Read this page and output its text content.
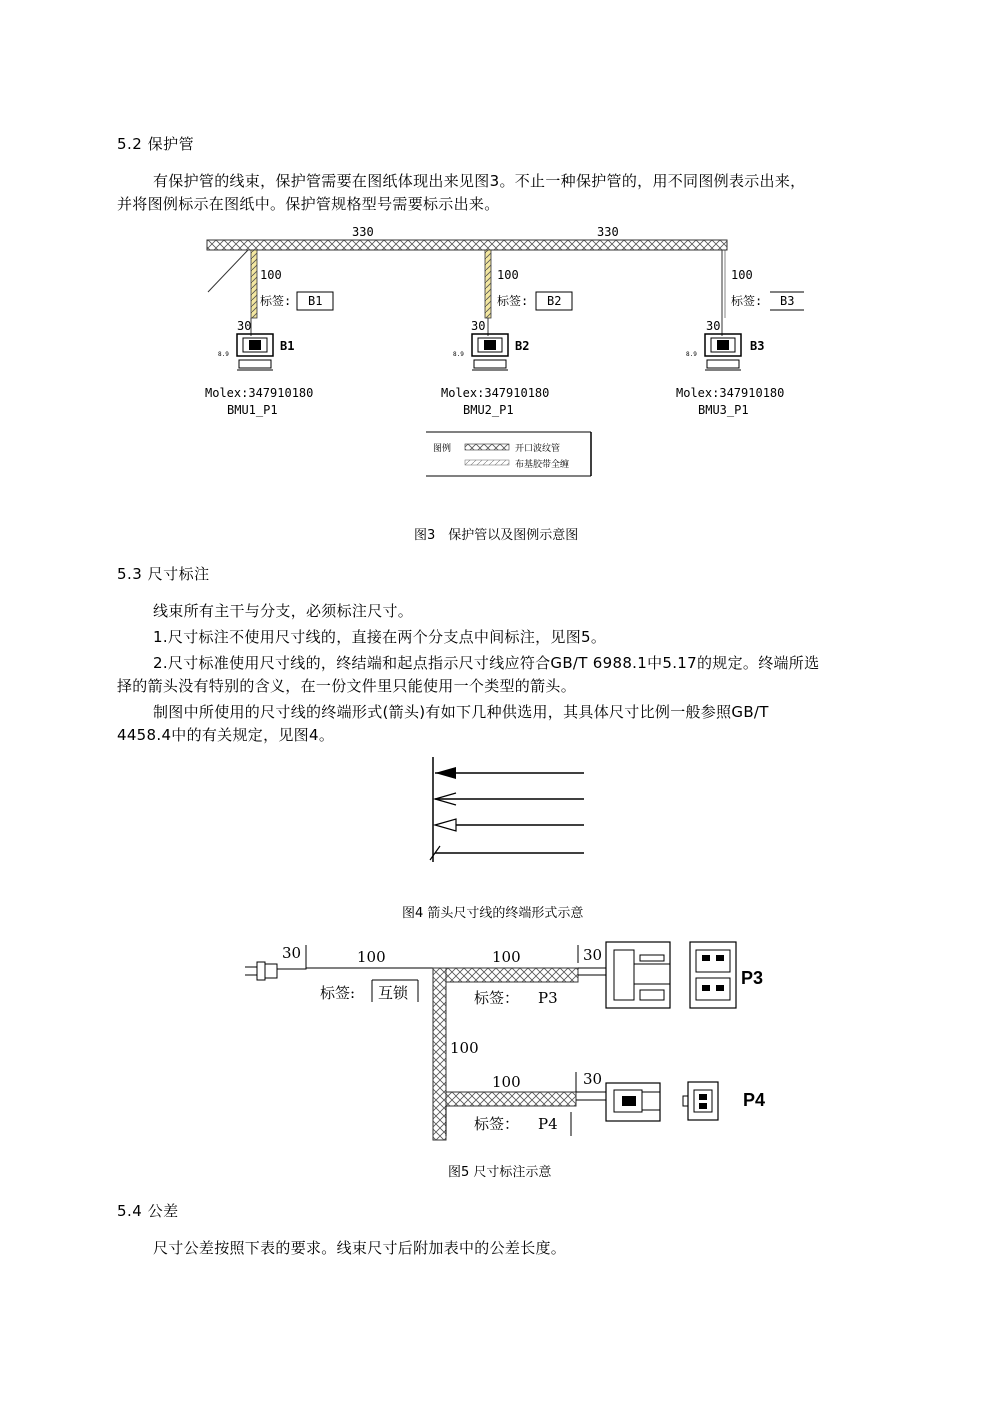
5.2 保护管
有保护管的线束，保护管需要在图纸体现出来见图3。不止一种保护管的，用不同图例表示出来，
并将图例标示在图纸中。保护管规格型号需要标示出来。
330	330
100
标签: B1
30
8.9
B1
Molex:347910180
BMU1_P1
100
标签: B2
30
8.9
B2
Molex:347910180
BMU2_P1
100
标签: B3
30
8.9
B3
Molex:347910180
BMU3_P1
图例	开口波纹管
布基胶带全缠
30	100
标签: 互锁
100
标签： P3
100
30
P3
100
标签： P4
30
P4
图3　保护管以及图例示意图
5.3 尺寸标注
线束所有主干与分支，必须标注尺寸。
1.尺寸标注不使用尺寸线的，直接在两个分支点中间标注，见图5。
2.尺寸标准使用尺寸线的，终结端和起点指示尺寸线应符合GB/T 6988.1中5.17的规定。终端所选
择的箭头没有特别的含义，在一份文件里只能使用一个类型的箭头。
制图中所使用的尺寸线的终端形式(箭头)有如下几种供选用，其具体尺寸比例一般参照GB/T
4458.4中的有关规定，见图4。
图4 箭头尺寸线的终端形式示意
图5 尺寸标注示意
5.4 公差
尺寸公差按照下表的要求。线束尺寸后附加表中的公差长度。
